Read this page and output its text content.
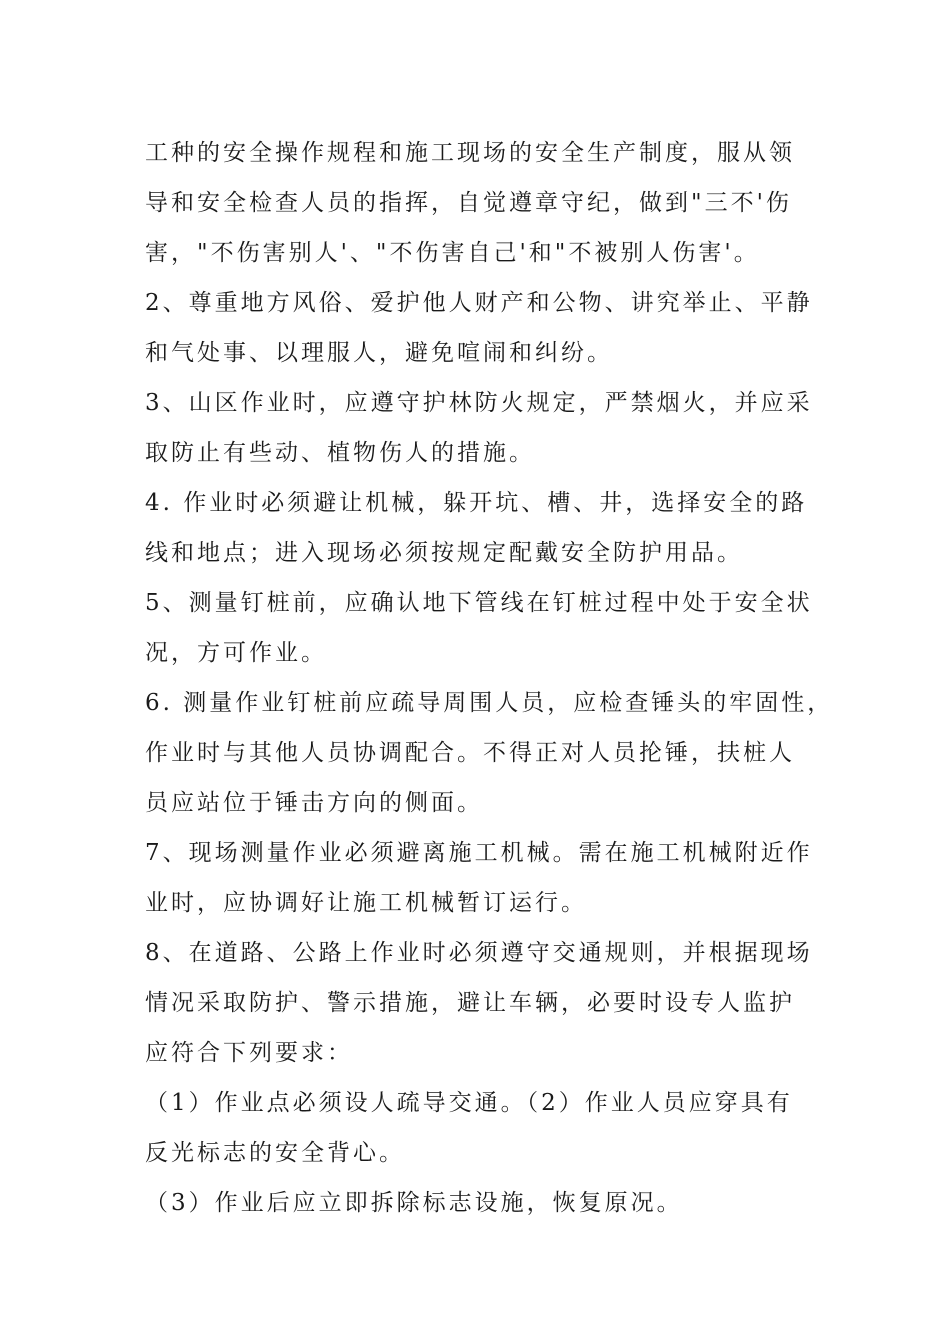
工种的安全操作规程和施工现场的安全生产制度，服从领
导和安全检查人员的指挥，自觉遵章守纪，做到"三不'伤
害，"不伤害别人'、"不伤害自己'和"不被别人伤害'。
2、尊重地方风俗、爱护他人财产和公物、讲究举止、平静
和气处事、以理服人，避免喧闹和纠纷。
3、山区作业时，应遵守护林防火规定，严禁烟火，并应采
取防止有些动、植物伤人的措施。
4. 作业时必须避让机械，躲开坑、槽、井，选择安全的路
线和地点；进入现场必须按规定配戴安全防护用品。
5、测量钉桩前，应确认地下管线在钉桩过程中处于安全状
况，方可作业。
6. 测量作业钉桩前应疏导周围人员，应检查锤头的牢固性，
作业时与其他人员协调配合。不得正对人员抡锤，扶桩人
员应站位于锤击方向的侧面。
7、现场测量作业必须避离施工机械。需在施工机械附近作
业时，应协调好让施工机械暂订运行。
8、在道路、公路上作业时必须遵守交通规则，并根据现场
情况采取防护、警示措施，避让车辆，必要时设专人监护
应符合下列要求：
（1）作业点必须设人疏导交通。（2）作业人员应穿具有
反光标志的安全背心。
（3）作业后应立即拆除标志设施，恢复原况。
